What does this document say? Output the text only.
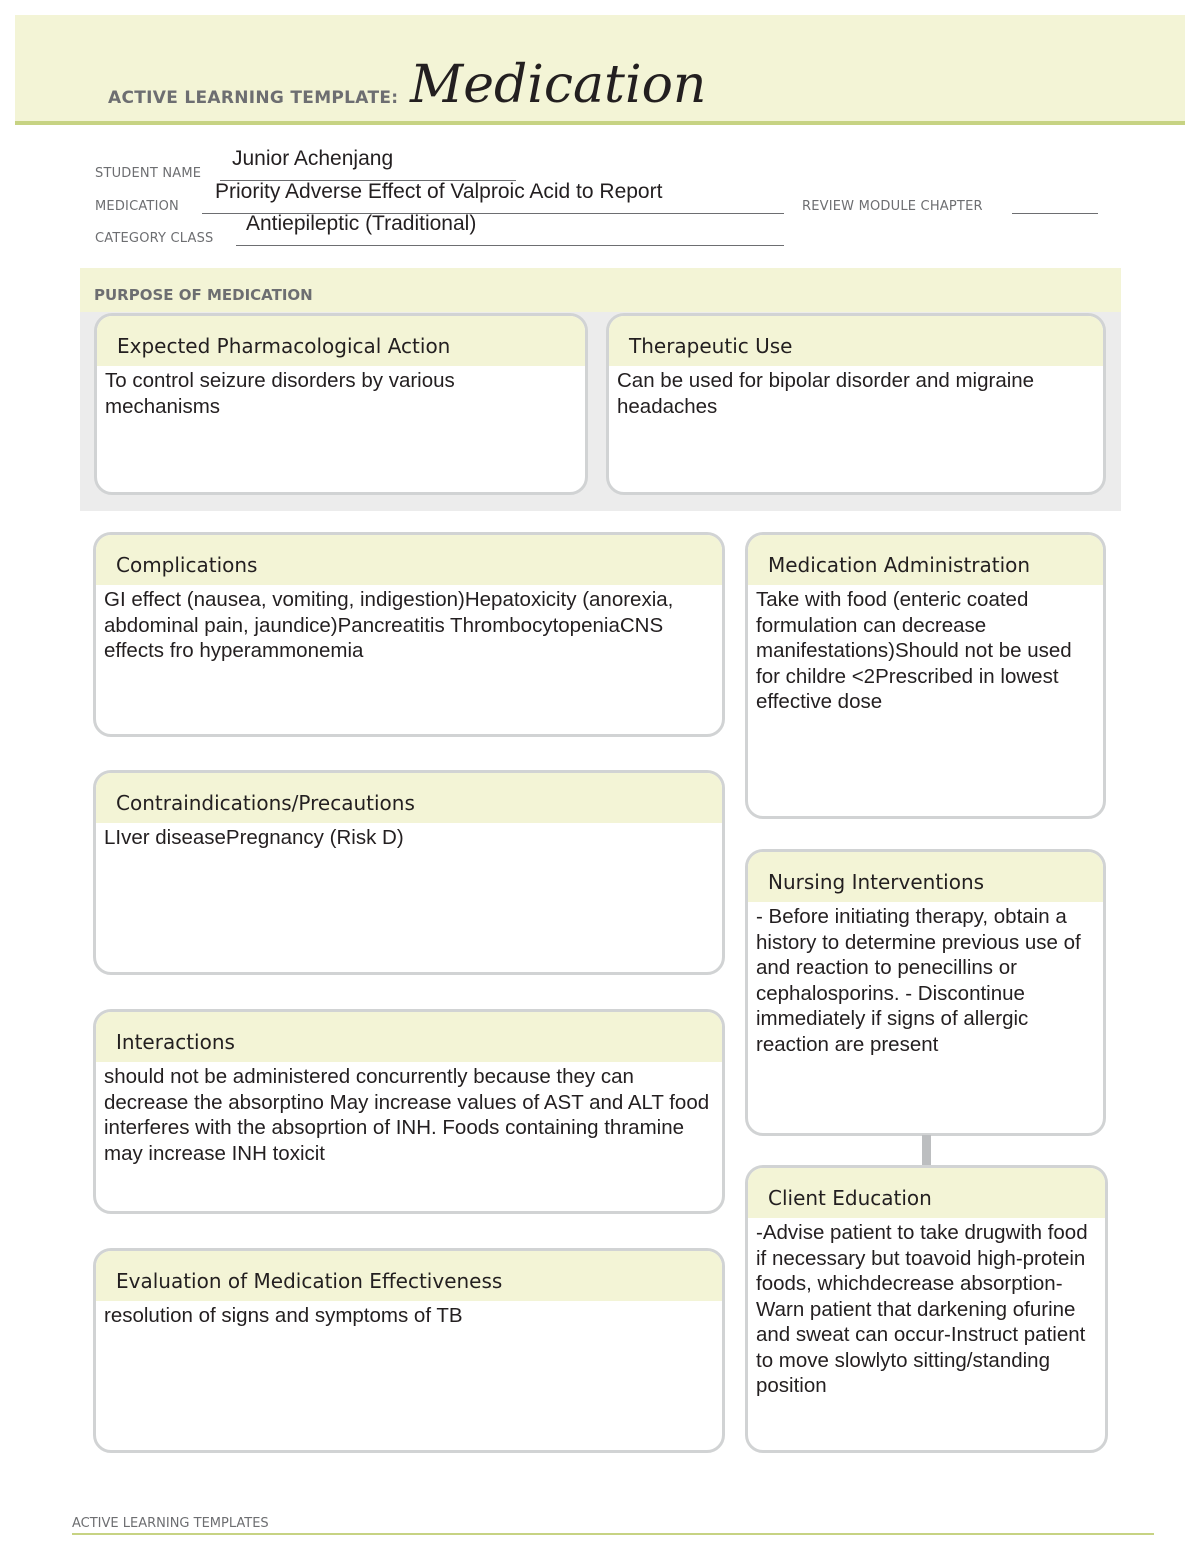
ACTIVE LEARNING TEMPLATE: Medication
STUDENT NAME
Junior Achenjang
MEDICATION
Priority Adverse Effect of Valproic Acid to Report
REVIEW MODULE CHAPTER
CATEGORY CLASS
Antiepileptic (Traditional)
PURPOSE OF MEDICATION
Expected Pharmacological Action
To control seizure disorders by various mechanisms
Therapeutic Use
Can be used for bipolar disorder and migraine headaches
Complications
GI effect (nausea, vomiting, indigestion)Hepatoxicity (anorexia, abdominal pain, jaundice)Pancreatitis ThrombocytopeniaCNS effects fro hyperammonemia
Contraindications/Precautions
LIver diseasePregnancy (Risk D)
Interactions
should not be administered concurrently because they can decrease the absorptino May increase values of AST and ALT food interferes with the absoprtion of INH. Foods containing thramine may increase INH toxicit
Evaluation of Medication Effectiveness
resolution of signs and symptoms of TB
Medication Administration
Take with food (enteric coated formulation can decrease manifestations)Should not be used for childre <2Prescribed in lowest effective dose
Nursing Interventions
- Before initiating therapy, obtain a history to determine previous use of and reaction to penecillins or cephalosporins. - Discontinue immediately if signs of allergic reaction are present
Client Education
-Advise patient to take drugwith food if necessary but toavoid high-protein foods, whichdecrease absorption-Warn patient that darkening ofurine and sweat can occur-Instruct patient to move slowlyto sitting/standing position
ACTIVE LEARNING TEMPLATES
